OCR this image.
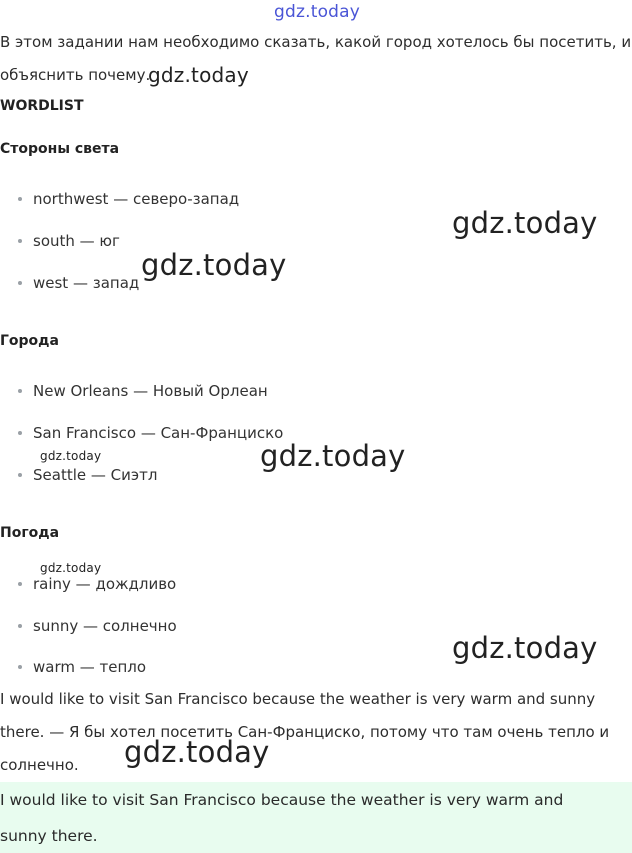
В этом задании нам необходимо сказать, какой город хотелось бы посетить, и
объяснить почему.
WORDLIST
Стороны света
northwest — северо-запад
south — юг
west — запад
Города
New Orleans — Новый Орлеан
San Francisco — Сан-Франциско
Seattle — Сиэтл
Погода
rainy — дождливо
sunny — солнечно
warm — тепло
I would like to visit San Francisco because the weather is very warm and sunny
there. — Я бы хотел посетить Сан-Франциско, потому что там очень тепло и
солнечно.
I would like to visit San Francisco because the weather is very warm and
sunny there.
gdz.today
gdz.today
gdz.today
gdz.today
gdz.today	gdz.today
gdz.today
gdz.today
gdz.today
